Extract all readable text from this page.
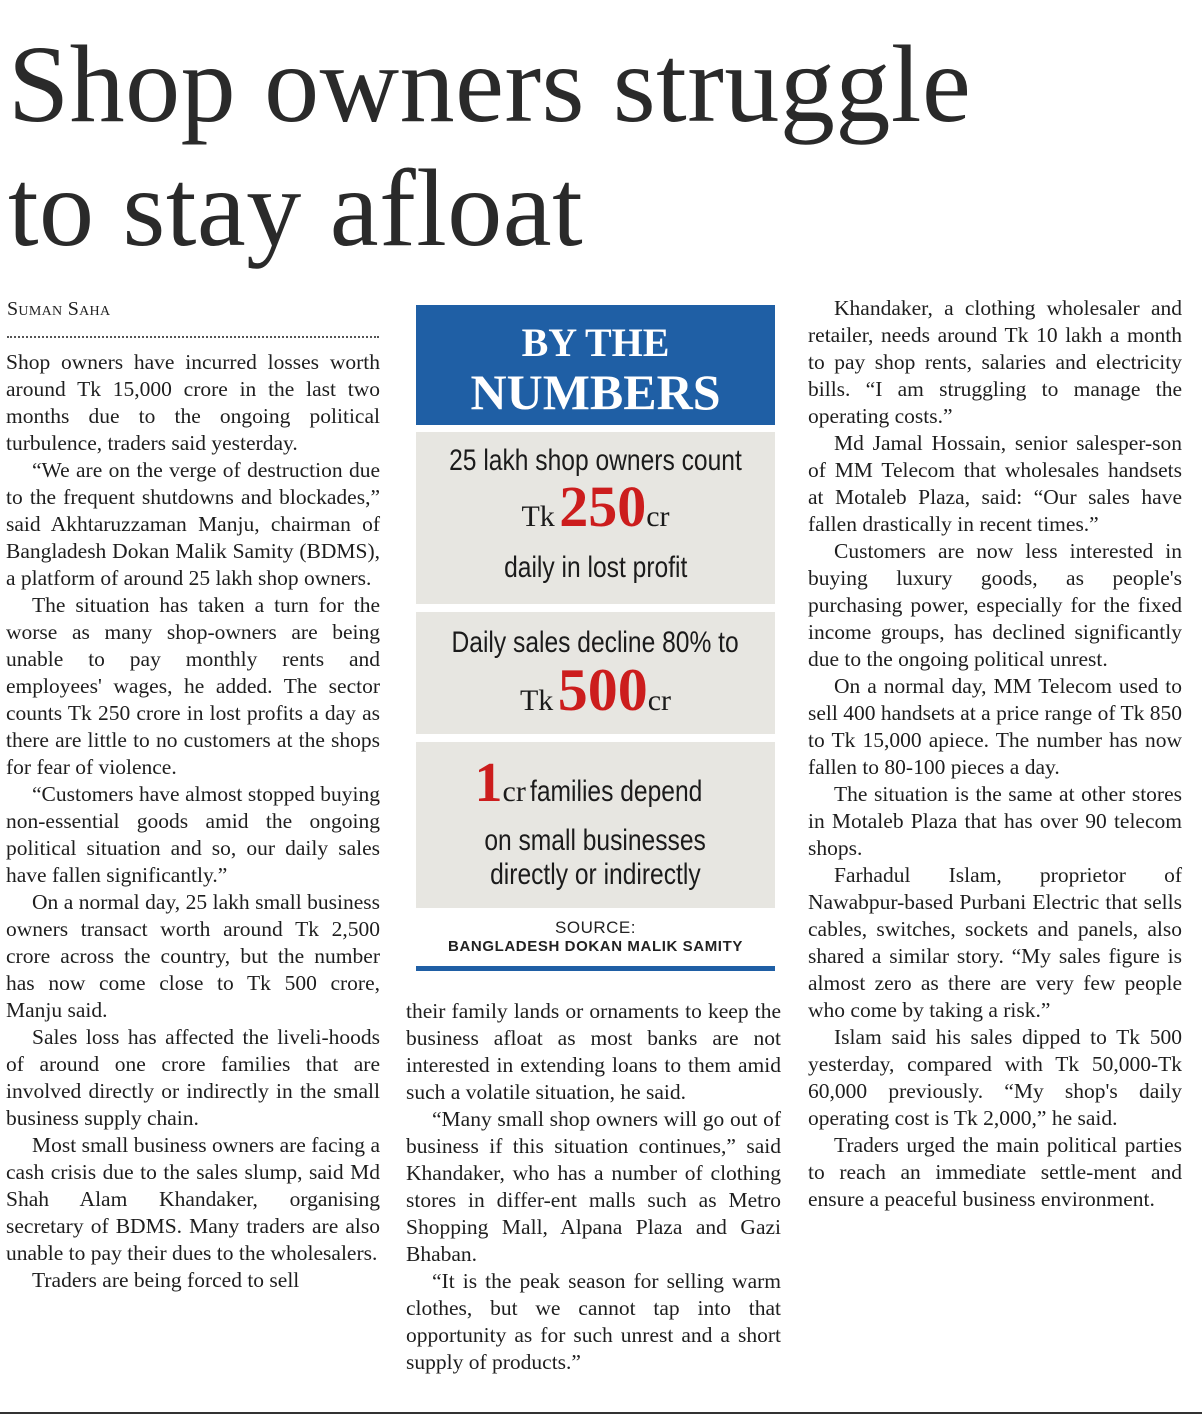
Shop owners struggle
to stay afloat
Suman Saha

Shop owners have incurred losses worth around Tk 15,000 crore in the last two months due to the ongoing political turbulence, traders said yesterday.

“We are on the verge of destruction due to the frequent shutdowns and blockades,” said Akhtaruzzaman Manju, chairman of Bangladesh Dokan Malik Samity (BDMS), a platform of around 25 lakh shop owners.

The situation has taken a turn for the worse as many shop-owners are being unable to pay monthly rents and employees' wages, he added. The sector counts Tk 250 crore in lost profits a day as there are little to no customers at the shops for fear of violence.

“Customers have almost stopped buying non-essential goods amid the ongoing political situation and so, our daily sales have fallen significantly.”

On a normal day, 25 lakh small business owners transact worth around Tk 2,500 crore across the country, but the number has now come close to Tk 500 crore, Manju said.

Sales loss has affected the liveli-hoods of around one crore families that are involved directly or indirectly in the small business supply chain.

Most small business owners are facing a cash crisis due to the sales slump, said Md Shah Alam Khandaker, organising secretary of BDMS. Many traders are also unable to pay their dues to the wholesalers.

Traders are being forced to sell

BY THE
NUMBERS
25 lakh shop owners count
Tk 250cr
daily in lost profit
Daily sales decline 80% to
Tk 500cr
1cr families depend
on small businesses
directly or indirectly
SOURCE:
BANGLADESH DOKAN MALIK SAMITY

their family lands or ornaments to keep the business afloat as most banks are not interested in extending loans to them amid such a volatile situation, he said.

“Many small shop owners will go out of business if this situation continues,” said Khandaker, who has a number of clothing stores in differ-ent malls such as Metro Shopping Mall, Alpana Plaza and Gazi Bhaban.

“It is the peak season for selling warm clothes, but we cannot tap into that opportunity as for such unrest and a short supply of products.”

Khandaker, a clothing wholesaler and retailer, needs around Tk 10 lakh a month to pay shop rents, salaries and electricity bills. “I am struggling to manage the operating costs.”

Md Jamal Hossain, senior salesper-son of MM Telecom that wholesales handsets at Motaleb Plaza, said: “Our sales have fallen drastically in recent times.”

Customers are now less interested in buying luxury goods, as people's purchasing power, especially for the fixed income groups, has declined significantly due to the ongoing political unrest.

On a normal day, MM Telecom used to sell 400 handsets at a price range of Tk 850 to Tk 15,000 apiece. The number has now fallen to 80-100 pieces a day.

The situation is the same at other stores in Motaleb Plaza that has over 90 telecom shops.

Farhadul Islam, proprietor of Nawabpur-based Purbani Electric that sells cables, switches, sockets and panels, also shared a similar story. “My sales figure is almost zero as there are very few people who come by taking a risk.”

Islam said his sales dipped to Tk 500 yesterday, compared with Tk 50,000-Tk 60,000 previously. “My shop's daily operating cost is Tk 2,000,” he said.

Traders urged the main political parties to reach an immediate settle-ment and ensure a peaceful business environment.
